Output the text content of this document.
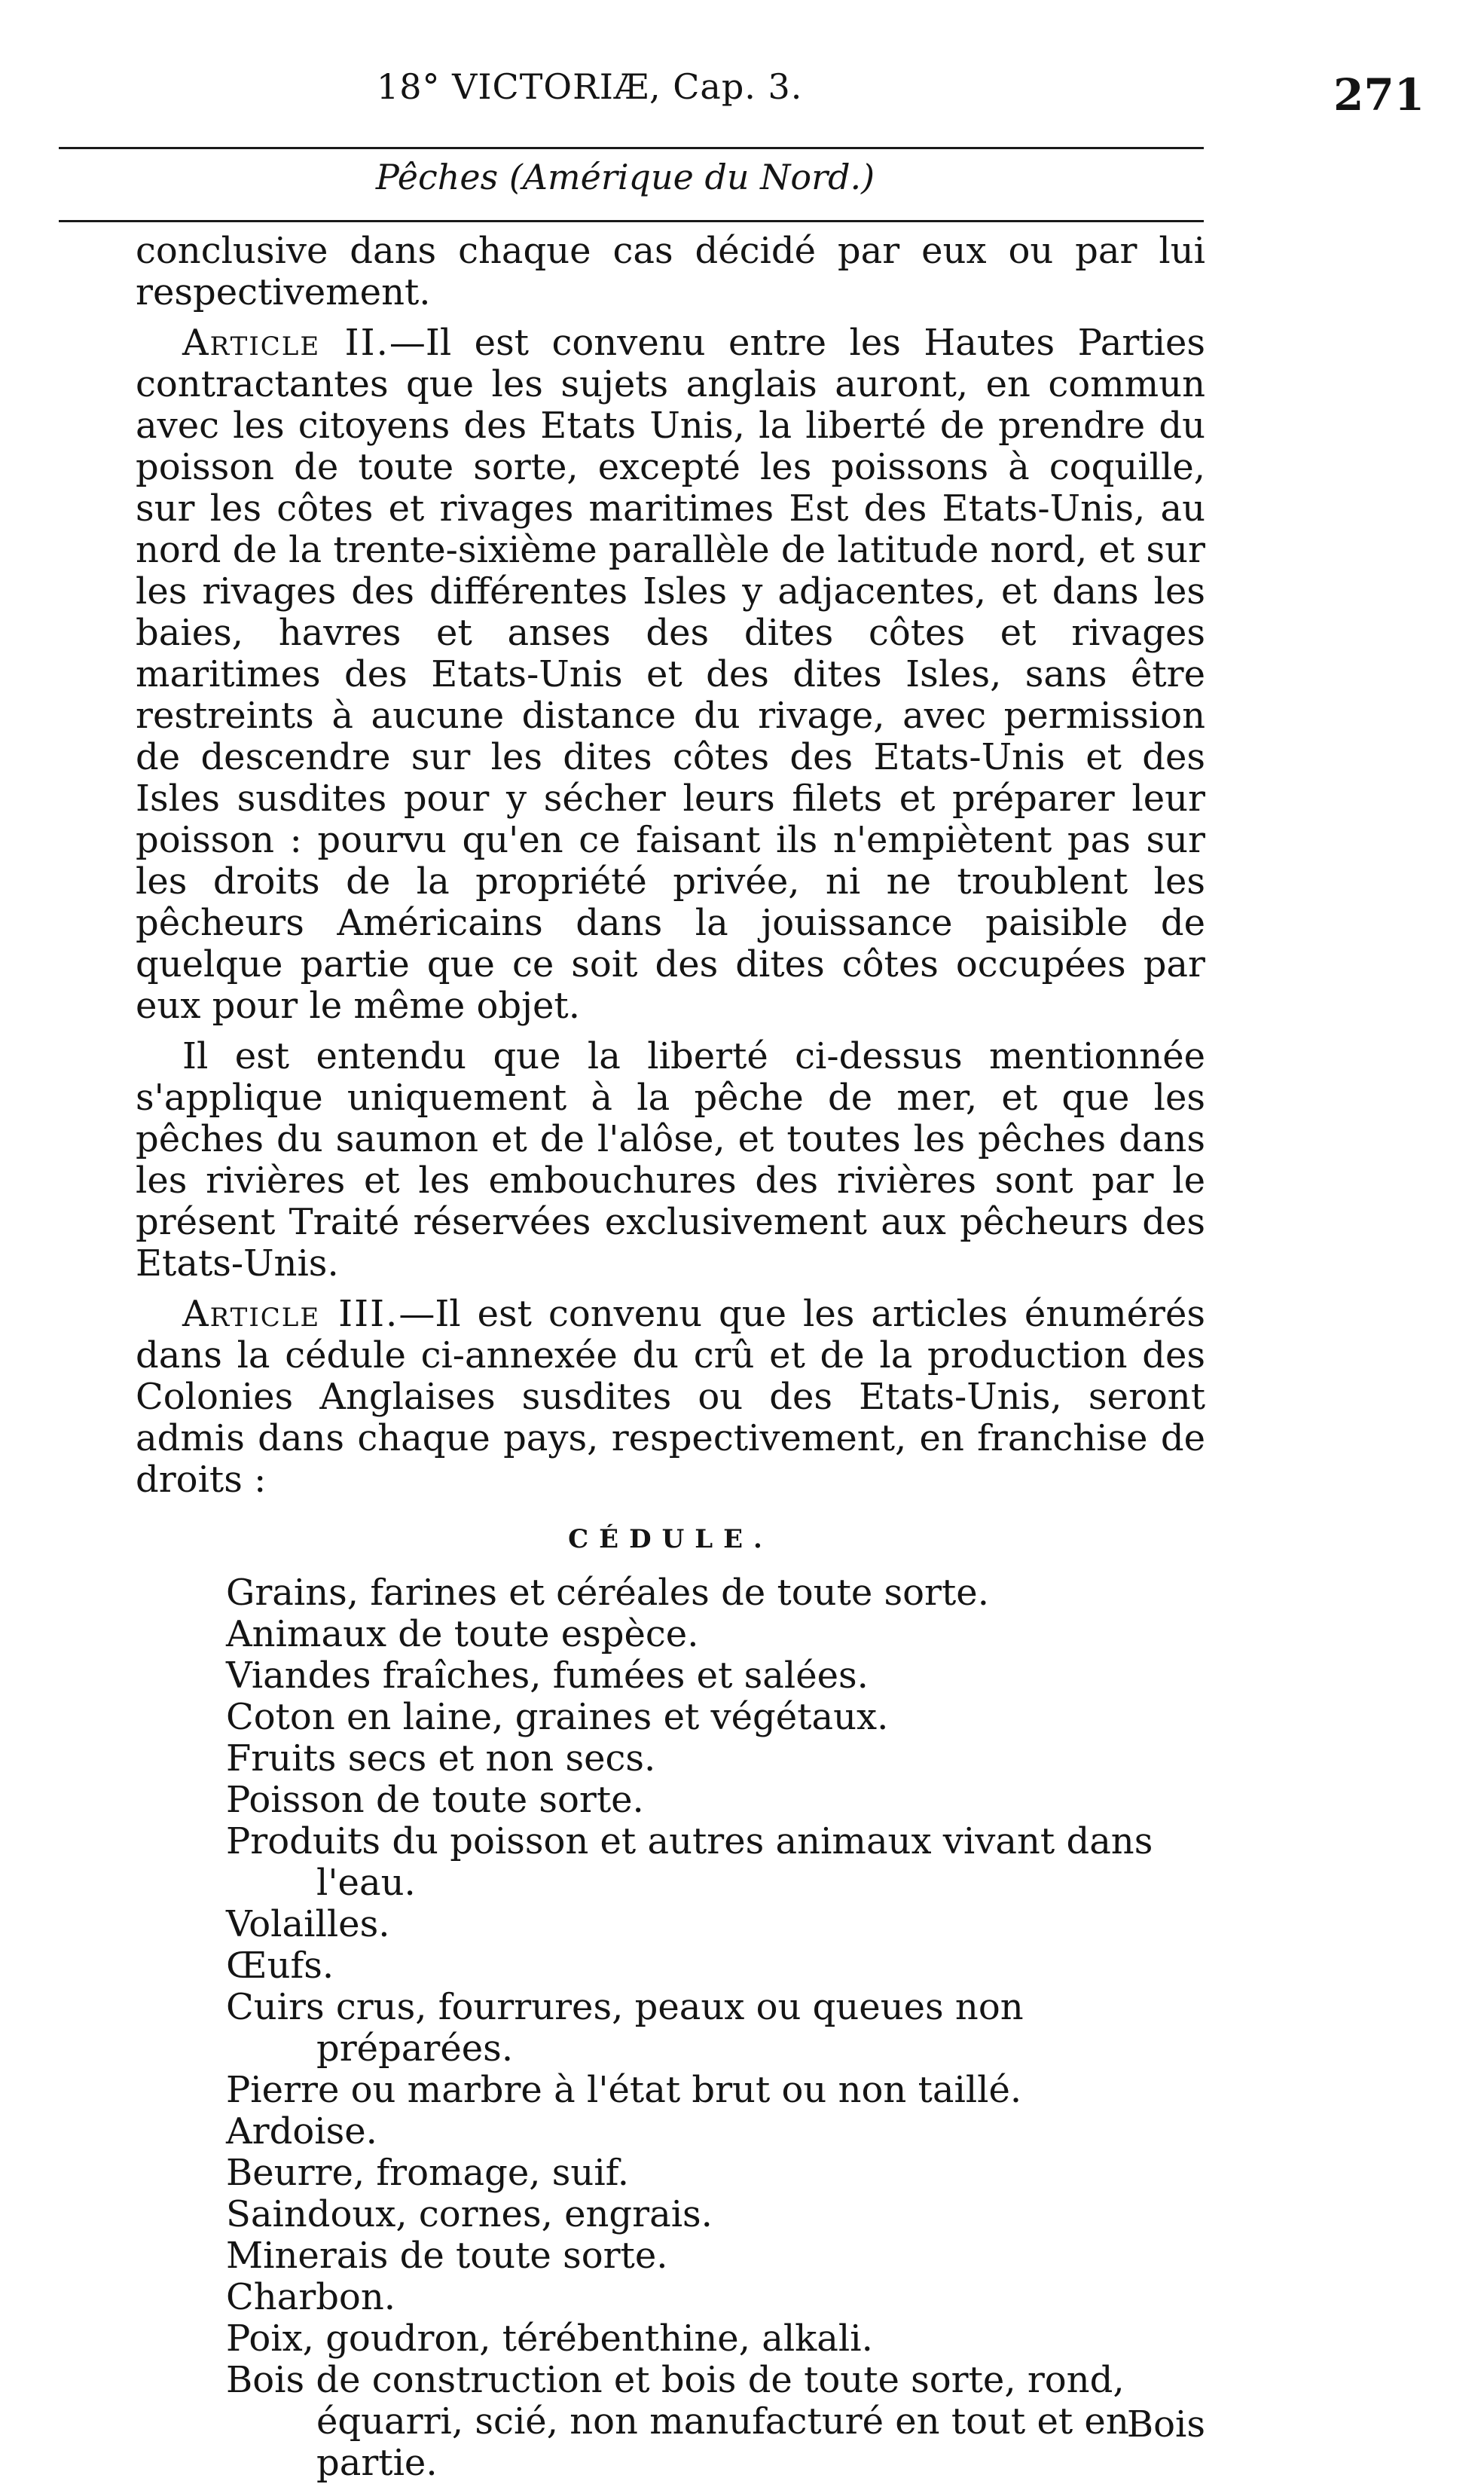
18° VICTORIÆ, Cap. 3.	271
Pêches (Amérique du Nord.)

conclusive dans chaque cas décidé par eux ou par lui respectivement.

Article II.—Il est convenu entre les Hautes Parties contractantes que les sujets anglais auront, en commun avec les citoyens des Etats Unis, la liberté de prendre du poisson de toute sorte, excepté les poissons à coquille, sur les côtes et rivages maritimes Est des Etats-Unis, au nord de la trente-sixième parallèle de latitude nord, et sur les rivages des différentes Isles y adjacentes, et dans les baies, havres et anses des dites côtes et rivages maritimes des Etats-Unis et des dites Isles, sans être restreints à aucune distance du rivage, avec permission de descendre sur les dites côtes des Etats-Unis et des Isles susdites pour y sécher leurs filets et préparer leur poisson : pourvu qu'en ce faisant ils n'empiètent pas sur les droits de la propriété privée, ni ne troublent les pêcheurs Américains dans la jouissance paisible de quelque partie que ce soit des dites côtes occupées par eux pour le même objet.

Il est entendu que la liberté ci-dessus mentionnée s'applique uniquement à la pêche de mer, et que les pêches du saumon et de l'alôse, et toutes les pêches dans les rivières et les embouchures des rivières sont par le présent Traité réservées exclusivement aux pêcheurs des Etats-Unis.

Article III.—Il est convenu que les articles énumérés dans la cédule ci-annexée du crû et de la production des Colonies Anglaises susdites ou des Etats-Unis, seront admis dans chaque pays, respectivement, en franchise de droits :

CÉDULE.
Grains, farines et céréales de toute sorte.
Animaux de toute espèce.
Viandes fraîches, fumées et salées.
Coton en laine, graines et végétaux.
Fruits secs et non secs.
Poisson de toute sorte.
Produits du poisson et autres animaux vivant dans l'eau.
Volailles.
Œufs.
Cuirs crus, fourrures, peaux ou queues non préparées.
Pierre ou marbre à l'état brut ou non taillé.
Ardoise.
Beurre, fromage, suif.
Saindoux, cornes, engrais.
Minerais de toute sorte.
Charbon.
Poix, goudron, térébenthine, alkali.
Bois de construction et bois de toute sorte, rond, équarri, scié, non manufacturé en tout et en partie.
Bois
